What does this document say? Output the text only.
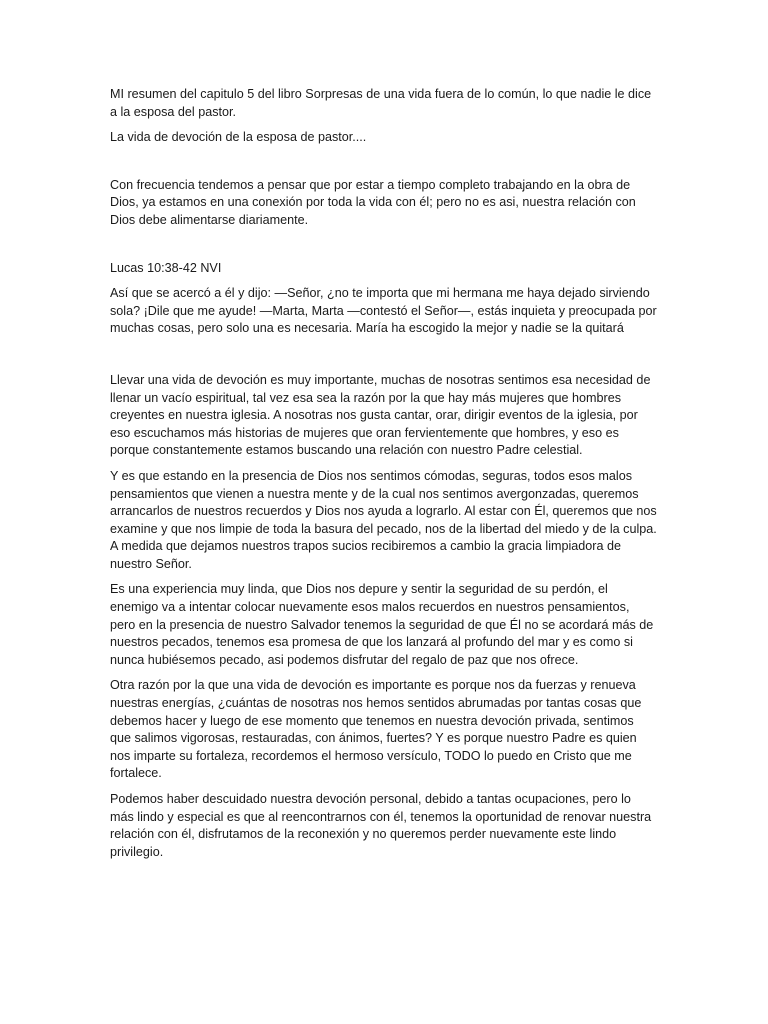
MI resumen del capitulo 5 del libro Sorpresas de una vida fuera de lo común, lo que nadie le dice a la esposa del pastor.

La vida de devoción de la esposa de pastor....

Con frecuencia tendemos a pensar que por estar a tiempo completo trabajando en la obra de Dios, ya estamos en una conexión por toda la vida con él; pero no es asi, nuestra relación con Dios debe alimentarse diariamente.

Lucas 10:38-42 NVI

Así que se acercó a él y dijo: —Señor, ¿no te importa que mi hermana me haya dejado sirviendo sola? ¡Dile que me ayude! —Marta, Marta —contestó el Señor—, estás inquieta y preocupada por muchas cosas, pero solo una es necesaria. María ha escogido la mejor y nadie se la quitará

Llevar una vida de devoción es muy importante, muchas de nosotras sentimos esa necesidad de llenar un vacío espiritual, tal vez esa sea la razón por la que hay más mujeres que hombres creyentes en nuestra iglesia. A nosotras nos gusta cantar, orar, dirigir eventos de la iglesia, por eso escuchamos más historias de mujeres que oran fervientemente que hombres, y eso es porque constantemente estamos buscando una relación con nuestro Padre celestial.

Y es que estando en la presencia de Dios nos sentimos cómodas, seguras, todos esos malos pensamientos que vienen a nuestra mente y de la cual nos sentimos avergonzadas, queremos arrancarlos de nuestros recuerdos y Dios nos ayuda a lograrlo. Al estar con Él, queremos que nos examine y que nos limpie de toda la basura del pecado, nos de la libertad del miedo y de la culpa. A medida que dejamos nuestros trapos sucios recibiremos a cambio la gracia limpiadora de nuestro Señor.

Es una experiencia muy linda, que Dios nos depure y sentir la seguridad de su perdón, el enemigo va a intentar colocar nuevamente esos malos recuerdos en nuestros pensamientos, pero en la presencia de nuestro Salvador tenemos la seguridad de que Él no se acordará más de nuestros pecados, tenemos esa promesa de que los lanzará al profundo del mar y es como si nunca hubiésemos pecado, asi podemos disfrutar del regalo de paz que nos ofrece.

Otra razón por la que una vida de devoción es importante es porque nos da fuerzas y renueva nuestras energías, ¿cuántas de nosotras nos hemos sentidos abrumadas por tantas cosas que debemos hacer y luego de ese momento que tenemos en nuestra devoción privada, sentimos que salimos vigorosas, restauradas, con ánimos, fuertes? Y es porque nuestro Padre es quien nos imparte su fortaleza, recordemos el hermoso versículo, TODO lo puedo en Cristo que me fortalece.

Podemos haber descuidado nuestra devoción personal, debido a tantas ocupaciones, pero lo más lindo y especial es que al reencontrarnos con él, tenemos la oportunidad de renovar nuestra relación con él, disfrutamos de la reconexión y no queremos perder nuevamente este lindo privilegio.
